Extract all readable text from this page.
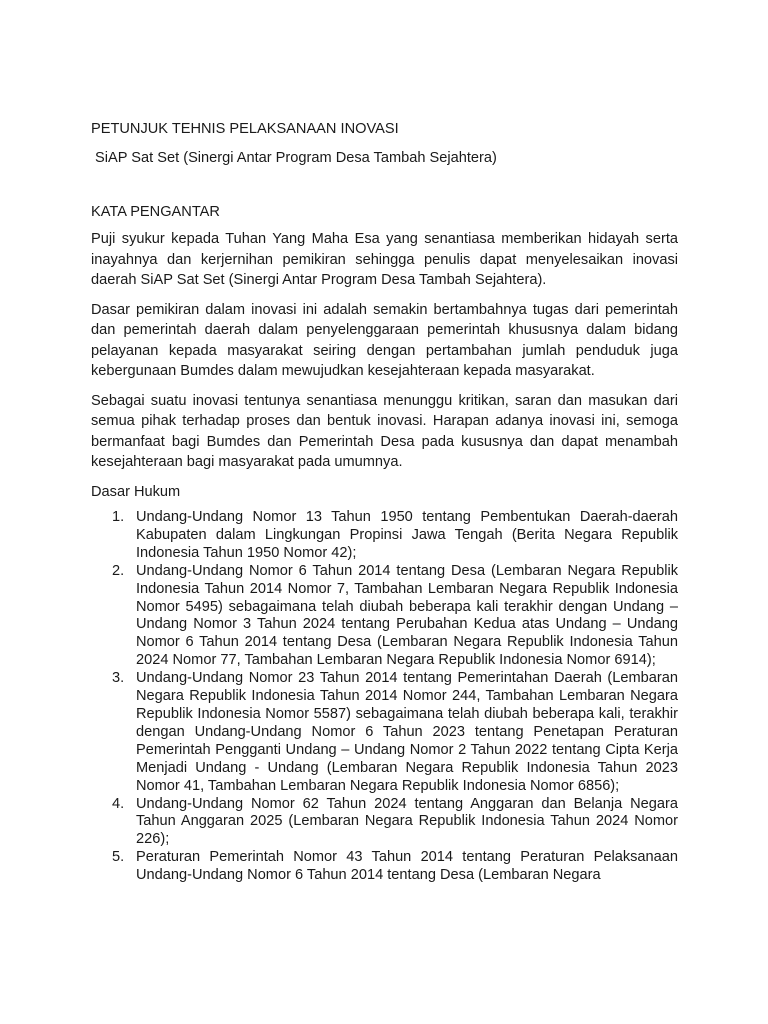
PETUNJUK TEHNIS PELAKSANAAN INOVASI
SiAP Sat Set (Sinergi Antar Program Desa Tambah Sejahtera)
KATA PENGANTAR

Puji syukur kepada Tuhan Yang Maha Esa yang senantiasa memberikan hidayah serta inayahnya dan kerjernihan pemikiran sehingga penulis dapat menyelesaikan inovasi daerah SiAP Sat Set (Sinergi Antar Program Desa Tambah Sejahtera).

Dasar pemikiran dalam inovasi ini adalah semakin bertambahnya tugas dari pemerintah dan pemerintah daerah dalam penyelenggaraan pemerintah khususnya dalam bidang pelayanan kepada masyarakat seiring dengan pertambahan jumlah penduduk juga kebergunaan Bumdes dalam mewujudkan kesejahteraan kepada masyarakat.

Sebagai suatu inovasi tentunya senantiasa menunggu kritikan, saran dan masukan dari semua pihak terhadap proses dan bentuk inovasi. Harapan adanya inovasi ini, semoga bermanfaat bagi Bumdes dan Pemerintah Desa pada kususnya dan dapat menambah kesejahteraan bagi masyarakat pada umumnya.

Dasar Hukum
1. Undang-Undang Nomor 13 Tahun 1950 tentang Pembentukan Daerah-daerah Kabupaten dalam Lingkungan Propinsi Jawa Tengah (Berita Negara Republik Indonesia Tahun 1950 Nomor 42);
2. Undang-Undang Nomor 6 Tahun 2014 tentang Desa (Lembaran Negara Republik Indonesia Tahun 2014 Nomor 7, Tambahan Lembaran Negara Republik Indonesia Nomor 5495) sebagaimana telah diubah beberapa kali terakhir dengan Undang – Undang Nomor 3 Tahun 2024 tentang Perubahan Kedua atas Undang – Undang Nomor 6 Tahun 2014 tentang Desa (Lembaran Negara Republik Indonesia Tahun 2024 Nomor 77, Tambahan Lembaran Negara Republik Indonesia Nomor 6914);
3. Undang-Undang Nomor 23 Tahun 2014 tentang Pemerintahan Daerah (Lembaran Negara Republik Indonesia Tahun 2014 Nomor 244, Tambahan Lembaran Negara Republik Indonesia Nomor 5587) sebagaimana telah diubah beberapa kali, terakhir dengan Undang-Undang Nomor 6 Tahun 2023 tentang Penetapan Peraturan Pemerintah Pengganti Undang – Undang Nomor 2 Tahun 2022 tentang Cipta Kerja Menjadi Undang - Undang (Lembaran Negara Republik Indonesia Tahun 2023 Nomor 41, Tambahan Lembaran Negara Republik Indonesia Nomor 6856);
4. Undang-Undang Nomor 62 Tahun 2024 tentang Anggaran dan Belanja Negara Tahun Anggaran 2025 (Lembaran Negara Republik Indonesia Tahun 2024 Nomor 226);
5. Peraturan Pemerintah Nomor 43 Tahun 2014 tentang Peraturan Pelaksanaan Undang-Undang Nomor 6 Tahun 2014 tentang Desa (Lembaran Negara
